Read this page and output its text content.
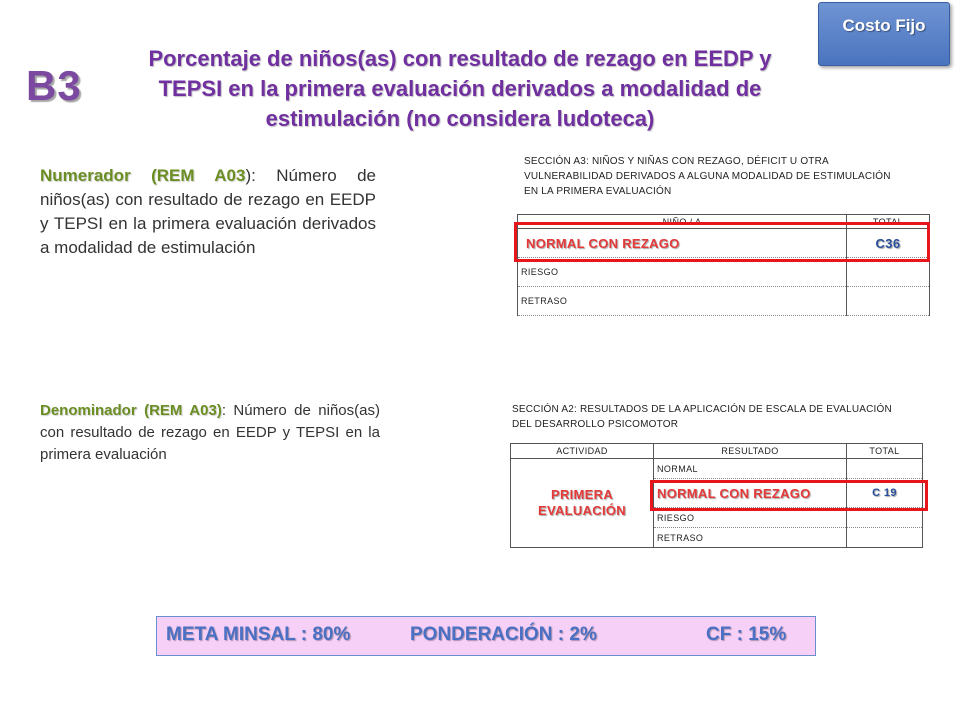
Costo Fijo
B3
Porcentaje de niños(as) con resultado de rezago en EEDP y TEPSI en la primera evaluación derivados a modalidad de estimulación (no considera ludoteca)
Numerador (REM A03): Número de niños(as) con resultado de rezago en EEDP y TEPSI en la primera evaluación derivados a modalidad de estimulación
Denominador (REM A03): Número de niños(as) con resultado de rezago en EEDP y TEPSI en la primera evaluación
SECCIÓN A3: NIÑOS Y NIÑAS CON REZAGO, DÉFICIT U OTRA VULNERABILIDAD DERIVADOS A ALGUNA MODALIDAD DE ESTIMULACIÓN EN LA PRIMERA EVALUACIÓN
NIÑO / A	TOTAL
NORMAL CON REZAGO	C36
RIESGO	
RETRASO	
SECCIÓN A2: RESULTADOS DE LA APLICACIÓN DE ESCALA DE EVALUACIÓN DEL DESARROLLO PSICOMOTOR
ACTIVIDAD	RESULTADO	TOTAL
PRIMERA EVALUACIÓN	NORMAL	
	NORMAL CON REZAGO	C 19
	RIESGO	
	RETRASO	
META MINSAL : 80%	PONDERACIÓN : 2%	CF : 15%
